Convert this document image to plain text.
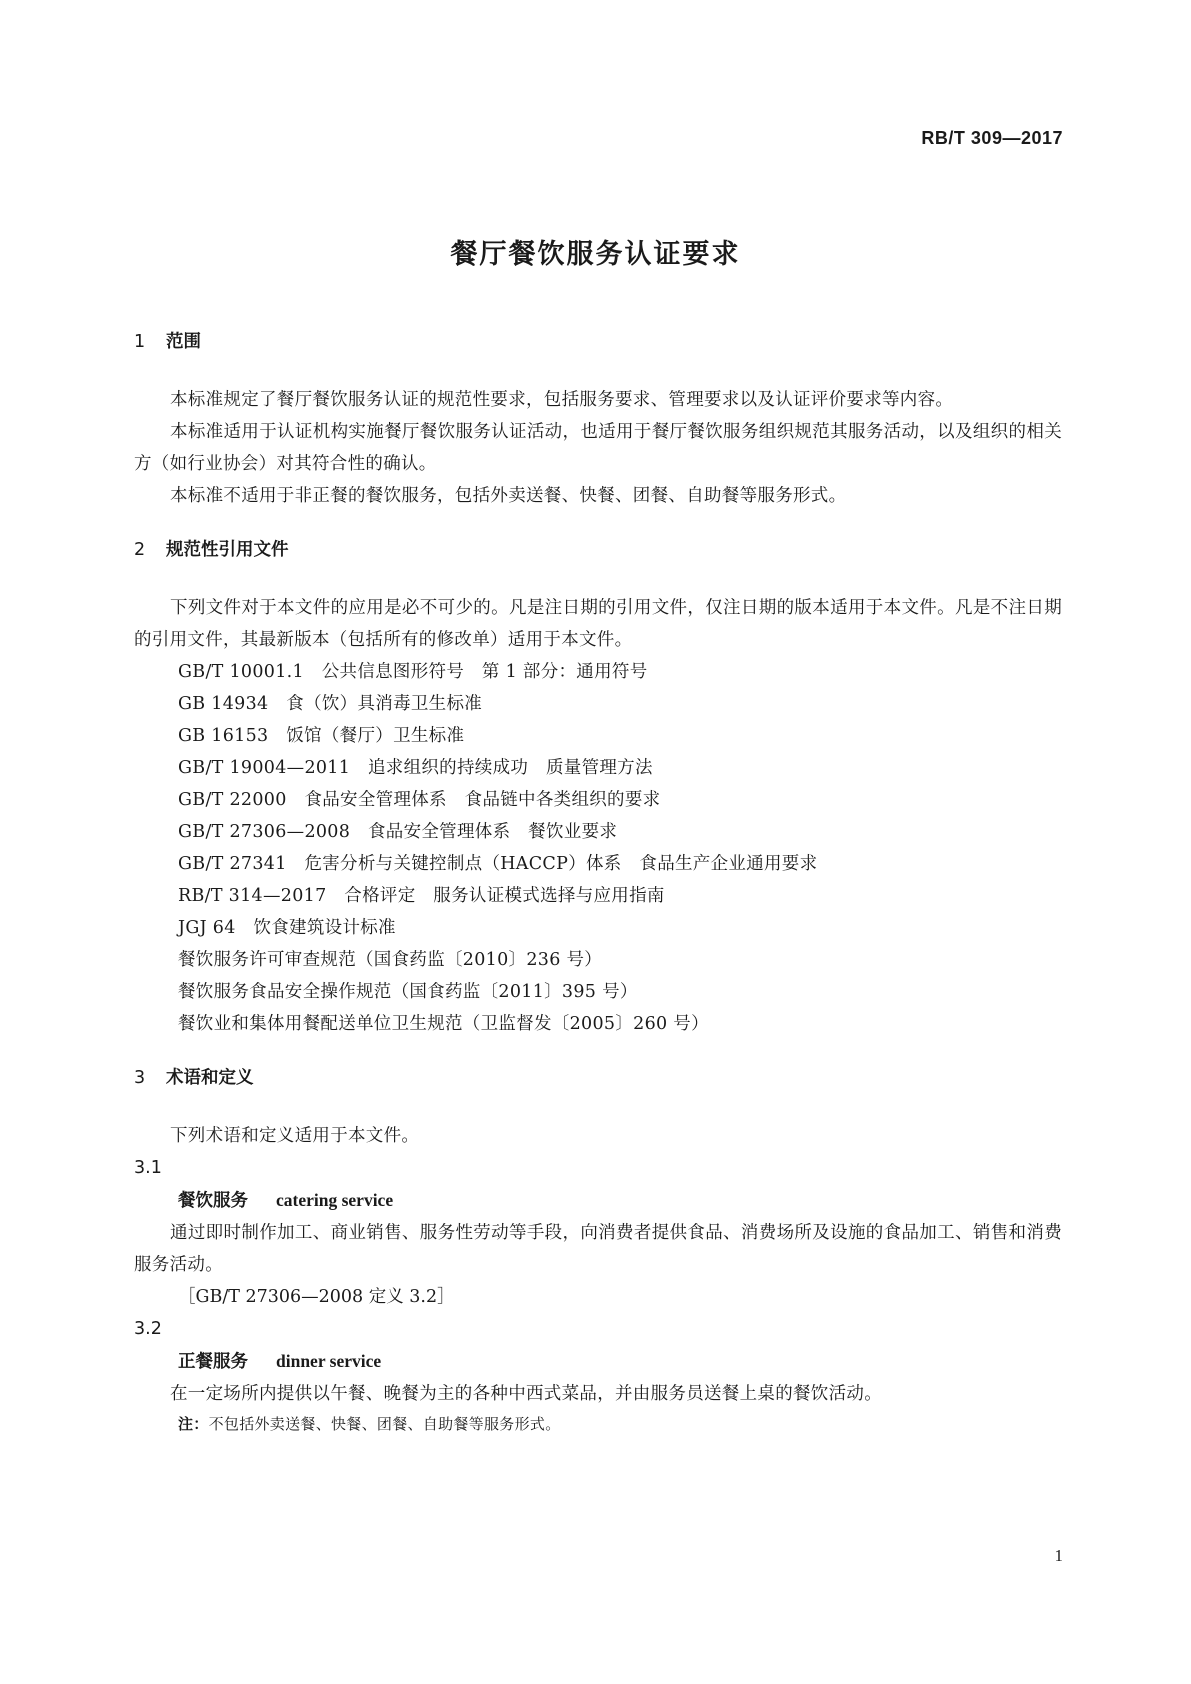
RB/T 309—2017
餐厅餐饮服务认证要求
1	范围

本标准规定了餐厅餐饮服务认证的规范性要求，包括服务要求、管理要求以及认证评价要求等内容。

本标准适用于认证机构实施餐厅餐饮服务认证活动，也适用于餐厅餐饮服务组织规范其服务活动，以及组织的相关方（如行业协会）对其符合性的确认。

本标准不适用于非正餐的餐饮服务，包括外卖送餐、快餐、团餐、自助餐等服务形式。

2	规范性引用文件

下列文件对于本文件的应用是必不可少的。凡是注日期的引用文件，仅注日期的版本适用于本文件。凡是不注日期的引用文件，其最新版本（包括所有的修改单）适用于本文件。

GB/T 10001.1　公共信息图形符号　第 1 部分：通用符号
GB 14934　食（饮）具消毒卫生标准
GB 16153　饭馆（餐厅）卫生标准
GB/T 19004—2011　追求组织的持续成功　质量管理方法
GB/T 22000　食品安全管理体系　食品链中各类组织的要求
GB/T 27306—2008　食品安全管理体系　餐饮业要求
GB/T 27341　危害分析与关键控制点（HACCP）体系　食品生产企业通用要求
RB/T 314—2017　合格评定　服务认证模式选择与应用指南
JGJ 64　饮食建筑设计标准
餐饮服务许可审查规范（国食药监〔2010〕236 号）
餐饮服务食品安全操作规范（国食药监〔2011〕395 号）
餐饮业和集体用餐配送单位卫生规范（卫监督发〔2005〕260 号）
3	术语和定义

下列术语和定义适用于本文件。

3.1
餐饮服务 catering service

通过即时制作加工、商业销售、服务性劳动等手段，向消费者提供食品、消费场所及设施的食品加工、销售和消费服务活动。

［GB/T 27306—2008 定义 3.2］
3.2
正餐服务 dinner service

在一定场所内提供以午餐、晚餐为主的各种中西式菜品，并由服务员送餐上桌的餐饮活动。

注：不包括外卖送餐、快餐、团餐、自助餐等服务形式。
1
